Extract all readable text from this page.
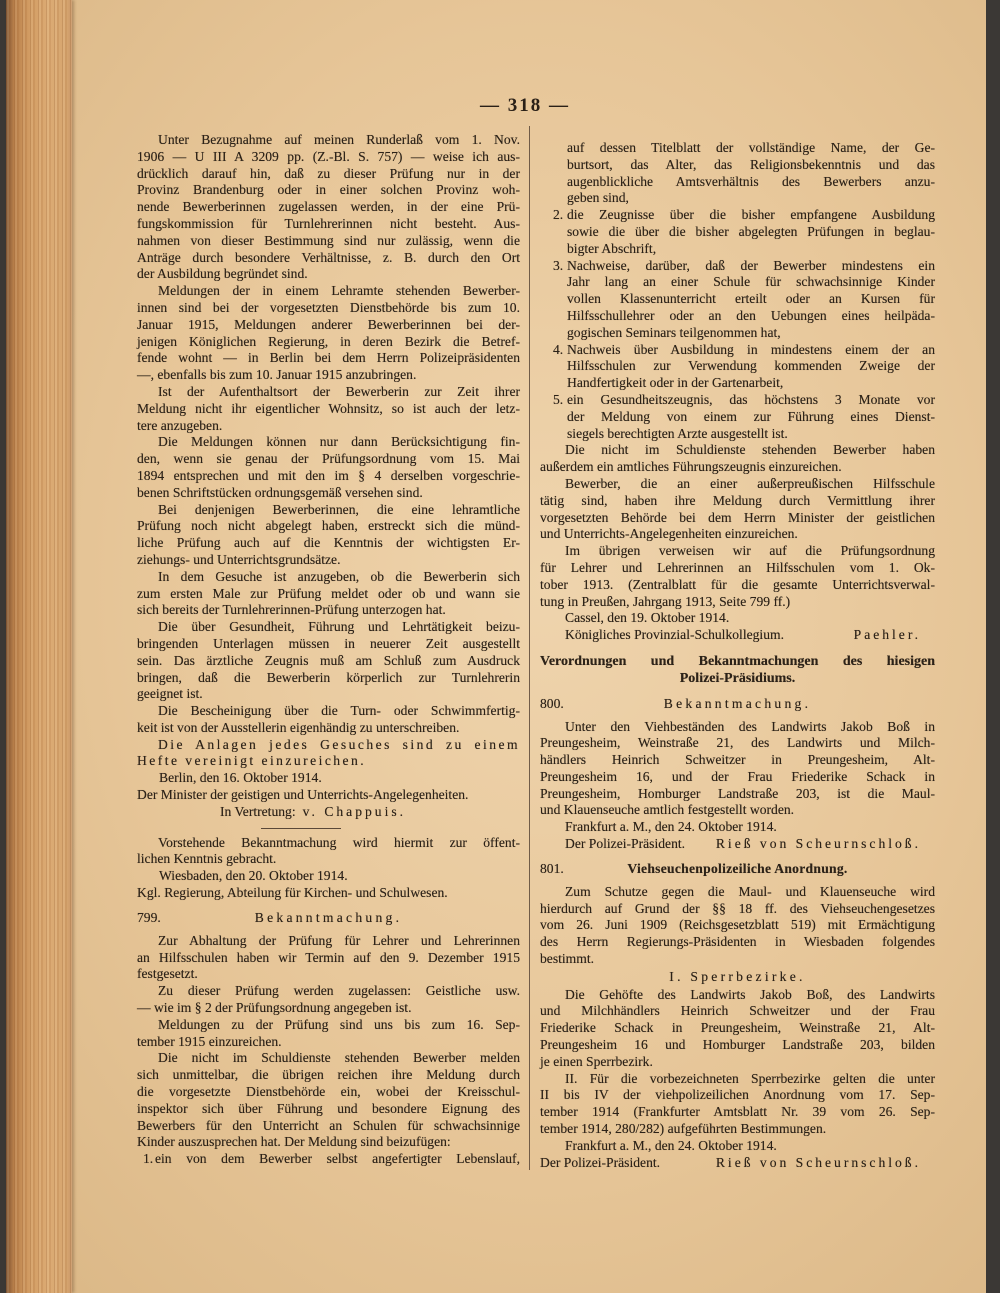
— 318 —
Unter Bezugnahme auf meinen Runderlaß vom 1. Nov.
1906 — U III A 3209 pp. (Z.-Bl. S. 757) — weise ich aus-
drücklich darauf hin, daß zu dieser Prüfung nur in der
Provinz Brandenburg oder in einer solchen Provinz woh-
nende Bewerberinnen zugelassen werden, in der eine Prü-
fungskommission für Turnlehrerinnen nicht besteht. Aus-
nahmen von dieser Bestimmung sind nur zulässig, wenn die
Anträge durch besondere Verhältnisse, z. B. durch den Ort
der Ausbildung begründet sind.
Meldungen der in einem Lehramte stehenden Bewerber-
innen sind bei der vorgesetzten Dienstbehörde bis zum 10.
Januar 1915, Meldungen anderer Bewerberinnen bei der-
jenigen Königlichen Regierung, in deren Bezirk die Betref-
fende wohnt — in Berlin bei dem Herrn Polizeipräsidenten
—, ebenfalls bis zum 10. Januar 1915 anzubringen.
Ist der Aufenthaltsort der Bewerberin zur Zeit ihrer
Meldung nicht ihr eigentlicher Wohnsitz, so ist auch der letz-
tere anzugeben.
Die Meldungen können nur dann Berücksichtigung fin-
den, wenn sie genau der Prüfungsordnung vom 15. Mai
1894 entsprechen und mit den im § 4 derselben vorgeschrie-
benen Schriftstücken ordnungsgemäß versehen sind.
Bei denjenigen Bewerberinnen, die eine lehramtliche
Prüfung noch nicht abgelegt haben, erstreckt sich die münd-
liche Prüfung auch auf die Kenntnis der wichtigsten Er-
ziehungs- und Unterrichtsgrundsätze.
In dem Gesuche ist anzugeben, ob die Bewerberin sich
zum ersten Male zur Prüfung meldet oder ob und wann sie
sich bereits der Turnlehrerinnen-Prüfung unterzogen hat.
Die über Gesundheit, Führung und Lehrtätigkeit beizu-
bringenden Unterlagen müssen in neuerer Zeit ausgestellt
sein. Das ärztliche Zeugnis muß am Schluß zum Ausdruck
bringen, daß die Bewerberin körperlich zur Turnlehrerin
geeignet ist.
Die Bescheinigung über die Turn- oder Schwimmfertig-
keit ist von der Ausstellerin eigenhändig zu unterschreiben.
Die Anlagen jedes Gesuches sind zu einem
Hefte vereinigt einzureichen.
Berlin, den 16. Oktober 1914.
Der Minister der geistigen und Unterrichts-Angelegenheiten.
In Vertretung: v. Chappuis.
Vorstehende Bekanntmachung wird hiermit zur öffent-
lichen Kenntnis gebracht.
Wiesbaden, den 20. Oktober 1914.
Kgl. Regierung, Abteilung für Kirchen- und Schulwesen.
799.	Bekanntmachung.
Zur Abhaltung der Prüfung für Lehrer und Lehrerinnen
an Hilfsschulen haben wir Termin auf den 9. Dezember 1915
festgesetzt.
Zu dieser Prüfung werden zugelassen: Geistliche usw.
— wie im § 2 der Prüfungsordnung angegeben ist.
Meldungen zu der Prüfung sind uns bis zum 16. Sep-
tember 1915 einzureichen.
Die nicht im Schuldienste stehenden Bewerber melden
sich unmittelbar, die übrigen reichen ihre Meldung durch
die vorgesetzte Dienstbehörde ein, wobei der Kreisschul-
inspektor sich über Führung und besondere Eignung des
Bewerbers für den Unterricht an Schulen für schwachsinnige
Kinder auszusprechen hat. Der Meldung sind beizufügen:
1. ein von dem Bewerber selbst angefertigter Lebenslauf,
auf dessen Titelblatt der vollständige Name, der Ge-
burtsort, das Alter, das Religionsbekenntnis und das
augenblickliche Amtsverhältnis des Bewerbers anzu-
geben sind,
2. die Zeugnisse über die bisher empfangene Ausbildung
sowie die über die bisher abgelegten Prüfungen in beglau-
bigter Abschrift,
3. Nachweise, darüber, daß der Bewerber mindestens ein
Jahr lang an einer Schule für schwachsinnige Kinder
vollen Klassenunterricht erteilt oder an Kursen für
Hilfsschullehrer oder an den Uebungen eines heilpäda-
gogischen Seminars teilgenommen hat,
4. Nachweis über Ausbildung in mindestens einem der an
Hilfsschulen zur Verwendung kommenden Zweige der
Handfertigkeit oder in der Gartenarbeit,
5. ein Gesundheitszeugnis, das höchstens 3 Monate vor
der Meldung von einem zur Führung eines Dienst-
siegels berechtigten Arzte ausgestellt ist.
Die nicht im Schuldienste stehenden Bewerber haben
außerdem ein amtliches Führungszeugnis einzureichen.
Bewerber, die an einer außerpreußischen Hilfsschule
tätig sind, haben ihre Meldung durch Vermittlung ihrer
vorgesetzten Behörde bei dem Herrn Minister der geistlichen
und Unterrichts-Angelegenheiten einzureichen.
Im übrigen verweisen wir auf die Prüfungsordnung
für Lehrer und Lehrerinnen an Hilfsschulen vom 1. Ok-
tober 1913. (Zentralblatt für die gesamte Unterrichtsverwal-
tung in Preußen, Jahrgang 1913, Seite 799 ff.)
Cassel, den 19. Oktober 1914.
Königliches Provinzial-Schulkollegium.	Paehler.
Verordnungen und Bekanntmachungen des hiesigen
Polizei-Präsidiums.
800.	Bekanntmachung.
Unter den Viehbeständen des Landwirts Jakob Boß in
Preungesheim, Weinstraße 21, des Landwirts und Milch-
händlers Heinrich Schweitzer in Preungesheim, Alt-
Preungesheim 16, und der Frau Friederike Schack in
Preungesheim, Homburger Landstraße 203, ist die Maul-
und Klauenseuche amtlich festgestellt worden.
Frankfurt a. M., den 24. Oktober 1914.
Der Polizei-Präsident. Rieß von Scheurnschloß.
801.	Viehseuchenpolizeiliche Anordnung.
Zum Schutze gegen die Maul- und Klauenseuche wird
hierdurch auf Grund der §§ 18 ff. des Viehseuchengesetzes
vom 26. Juni 1909 (Reichsgesetzblatt 519) mit Ermächtigung
des Herrn Regierungs-Präsidenten in Wiesbaden folgendes
bestimmt.
I. Sperrbezirke.
Die Gehöfte des Landwirts Jakob Boß, des Landwirts
und Milchhändlers Heinrich Schweitzer und der Frau
Friederike Schack in Preungesheim, Weinstraße 21, Alt-
Preungesheim 16 und Homburger Landstraße 203, bilden
je einen Sperrbezirk.
II. Für die vorbezeichneten Sperrbezirke gelten die unter
II bis IV der viehpolizeilichen Anordnung vom 17. Sep-
tember 1914 (Frankfurter Amtsblatt Nr. 39 vom 26. Sep-
tember 1914, 280/282) aufgeführten Bestimmungen.
Frankfurt a. M., den 24. Oktober 1914.
Der Polizei-Präsident.	Rieß von Scheurnschloß.
